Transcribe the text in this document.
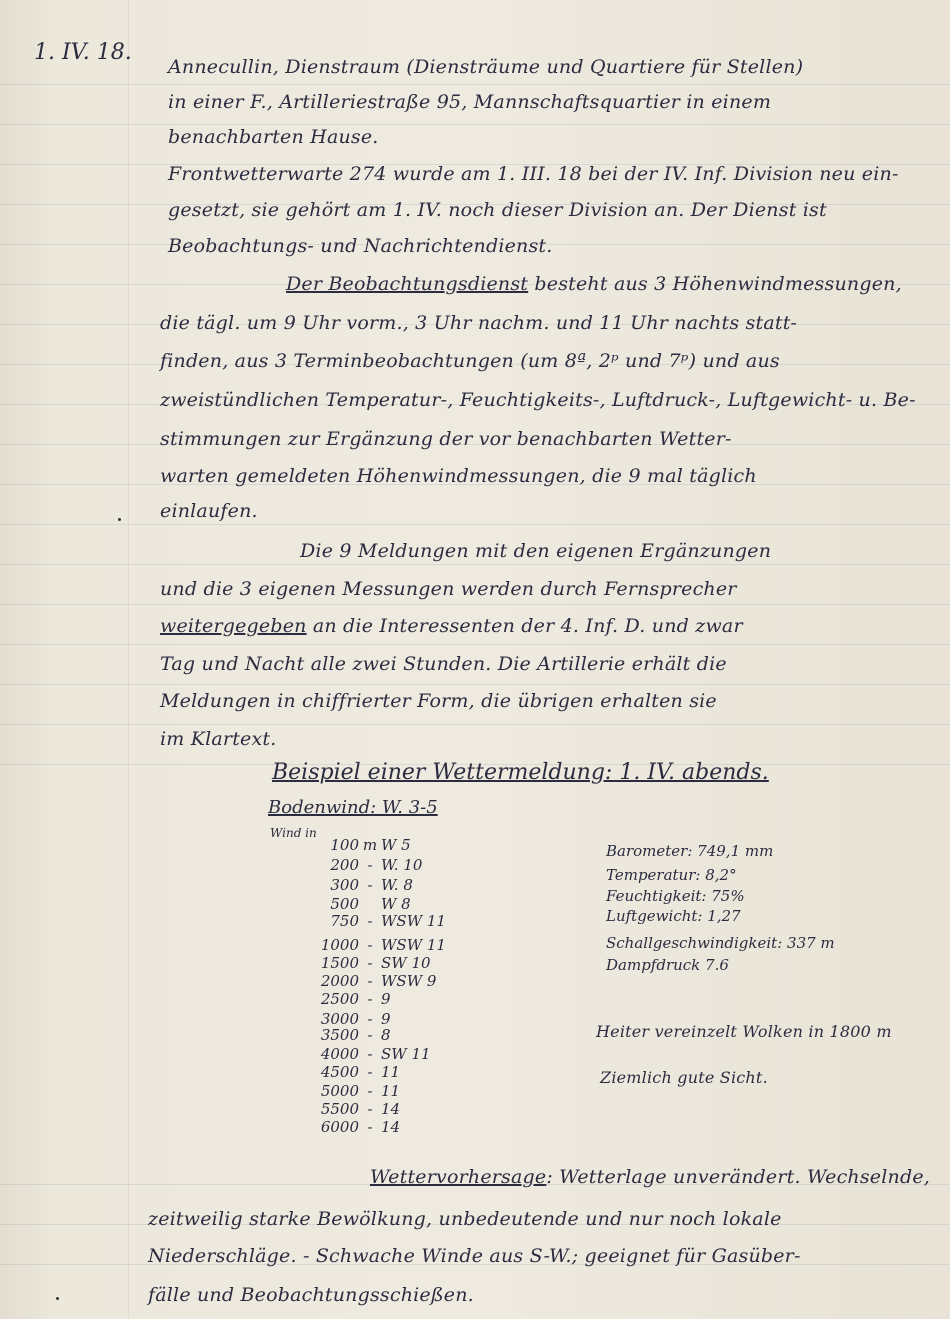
1. IV. 18.
Annecullin, Dienstraum (Diensträume und Quartiere für Stellen)
in einer F., Artilleriestraße 95, Mannschaftsquartier in einem
benachbarten Hause.
Frontwetterwarte 274 wurde am 1. III. 18 bei der IV. Inf. Division neu ein-
gesetzt, sie gehört am 1. IV. noch dieser Division an. Der Dienst ist
Beobachtungs- und Nachrichtendienst.
Der Beobachtungsdienst besteht aus 3 Höhenwindmessungen,
die tägl. um 9 Uhr vorm., 3 Uhr nachm. und 11 Uhr nachts statt-
finden, aus 3 Terminbeobachtungen (um 8ª, 2ᵖ und 7ᵖ) und aus
zweistündlichen Temperatur-, Feuchtigkeits-, Luftdruck-, Luftgewicht- u. Be-
stimmungen zur Ergänzung der vor benachbarten Wetter-
warten gemeldeten Höhenwindmessungen, die 9 mal täglich
einlaufen.
Die 9 Meldungen mit den eigenen Ergänzungen
und die 3 eigenen Messungen werden durch Fernsprecher
weitergegeben an die Interessenten der 4. Inf. D. und zwar
Tag und Nacht alle zwei Stunden. Die Artillerie erhält die
Meldungen in chiffrierter Form, die übrigen erhalten sie
im Klartext.
Beispiel einer Wettermeldung: 1. IV. abends.
Bodenwind: W. 3-5
Wind in
100 m W 5
200 - W. 10
300 - W. 8
500 W 8
750 - WSW 11
1000 - WSW 11
1500 - SW 10
2000 - WSW 9
2500 - 9
3000 - 9
3500 - 8
4000 - SW 11
4500 - 11
5000 - 11
5500 - 14
6000 - 14
Barometer: 749,1 mm
Temperatur: 8,2°
Feuchtigkeit: 75%
Luftgewicht: 1,27
Schallgeschwindigkeit: 337 m
Dampfdruck 7.6
Heiter vereinzelt Wolken in 1800 m
Ziemlich gute Sicht.
Wettervorhersage: Wetterlage unverändert. Wechselnde,
zeitweilig starke Bewölkung, unbedeutende und nur noch lokale
Niederschläge. - Schwache Winde aus S-W.; geeignet für Gasüber-
fälle und Beobachtungsschießen.
